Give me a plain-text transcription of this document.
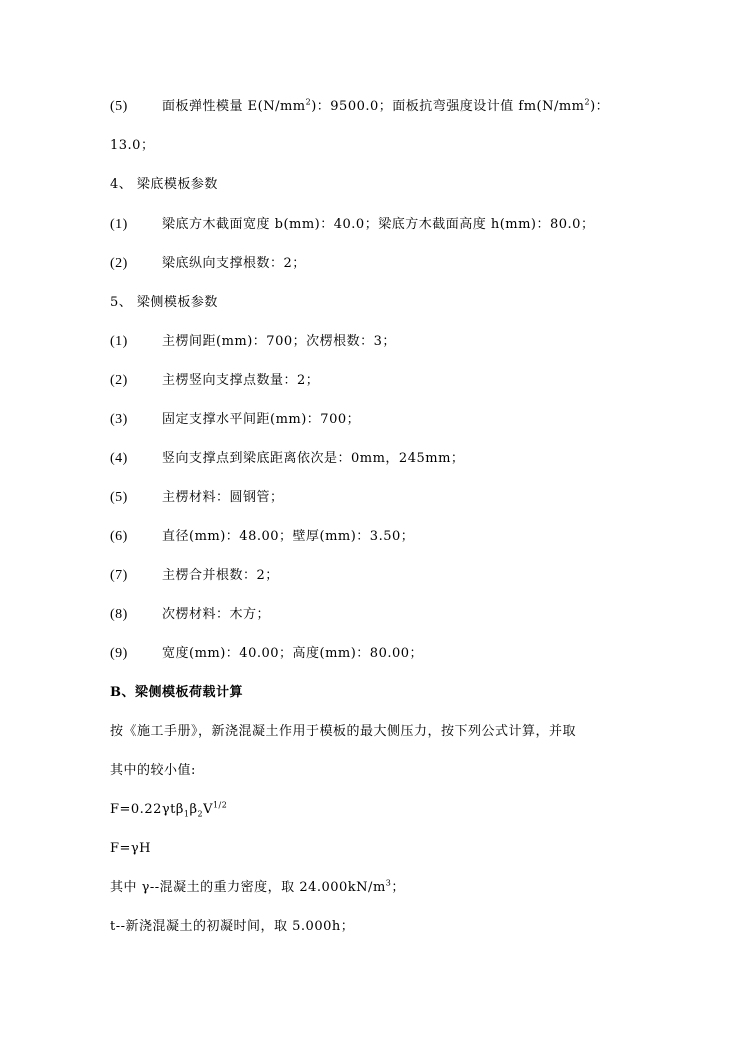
(5)	面板弹性模量 $E(N/mm^2)$：9500.0；面板抗弯强度设计值 $fm(N/mm^2)$：
13.0；
4、 梁底模板参数
(1)	梁底方木截面宽度 b(mm)：40.0；梁底方木截面高度 h(mm)：80.0；
(2)	梁底纵向支撑根数：2；
5、 梁侧模板参数
(1)	主楞间距(mm)：700；次楞根数：3；
(2)	主楞竖向支撑点数量：2；
(3)	固定支撑水平间距(mm)：700；
(4)	竖向支撑点到梁底距离依次是：0mm，245mm；
(5)	主楞材料：圆钢管；
(6)	直径(mm)：48.00；壁厚(mm)：3.50；
(7)	主楞合并根数：2；
(8)	次楞材料：木方；
(9)	宽度(mm)：40.00；高度(mm)：80.00；
B、梁侧模板荷载计算
按《施工手册》，新浇混凝土作用于模板的最大侧压力，按下列公式计算，并取
其中的较小值:
$F=0.22\gamma t\beta_1\beta_2V^{1/2}$
F=γH
其中 γ--混凝土的重力密度，取 $24.000kN/m^3$；
t--新浇混凝土的初凝时间，取 5.000h；
